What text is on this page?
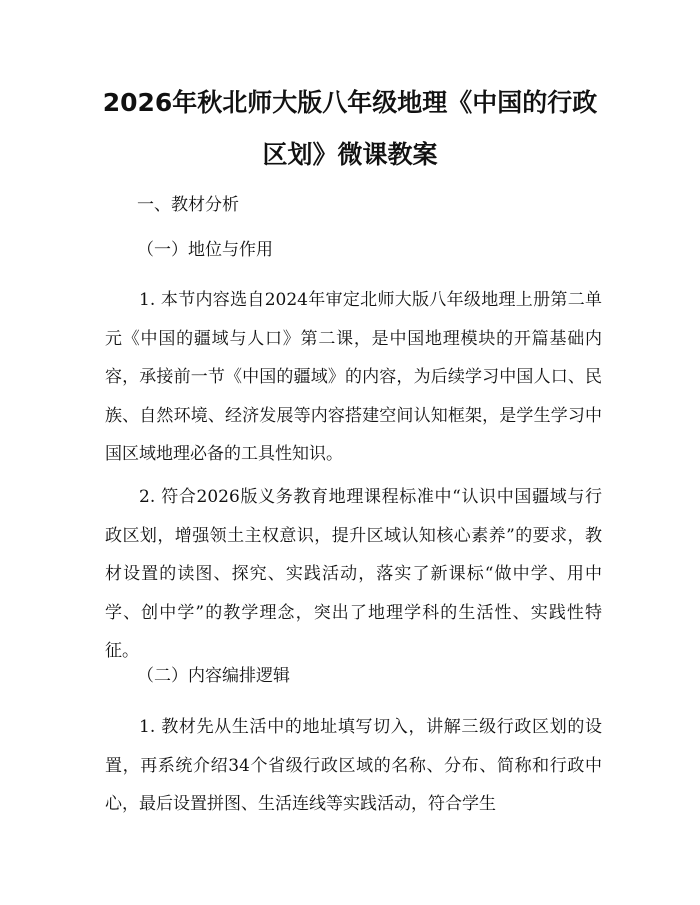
2026年秋北师大版八年级地理《中国的行政
区划》微课教案
一、教材分析
（一）地位与作用

1. 本节内容选自2024年审定北师大版八年级地理上册第二单元《中国的疆域与人口》第二课，是中国地理模块的开篇基础内容，承接前一节《中国的疆域》的内容，为后续学习中国人口、民族、自然环境、经济发展等内容搭建空间认知框架，是学生学习中国区域地理必备的工具性知识。

2. 符合2026版义务教育地理课程标准中“认识中国疆域与行政区划，增强领土主权意识，提升区域认知核心素养”的要求，教材设置的读图、探究、实践活动，落实了新课标“做中学、用中学、创中学”的教学理念，突出了地理学科的生活性、实践性特征。

（二）内容编排逻辑

1. 教材先从生活中的地址填写切入，讲解三级行政区划的设置，再系统介绍34个省级行政区域的名称、分布、简称和行政中心，最后设置拼图、生活连线等实践活动，符合学生
